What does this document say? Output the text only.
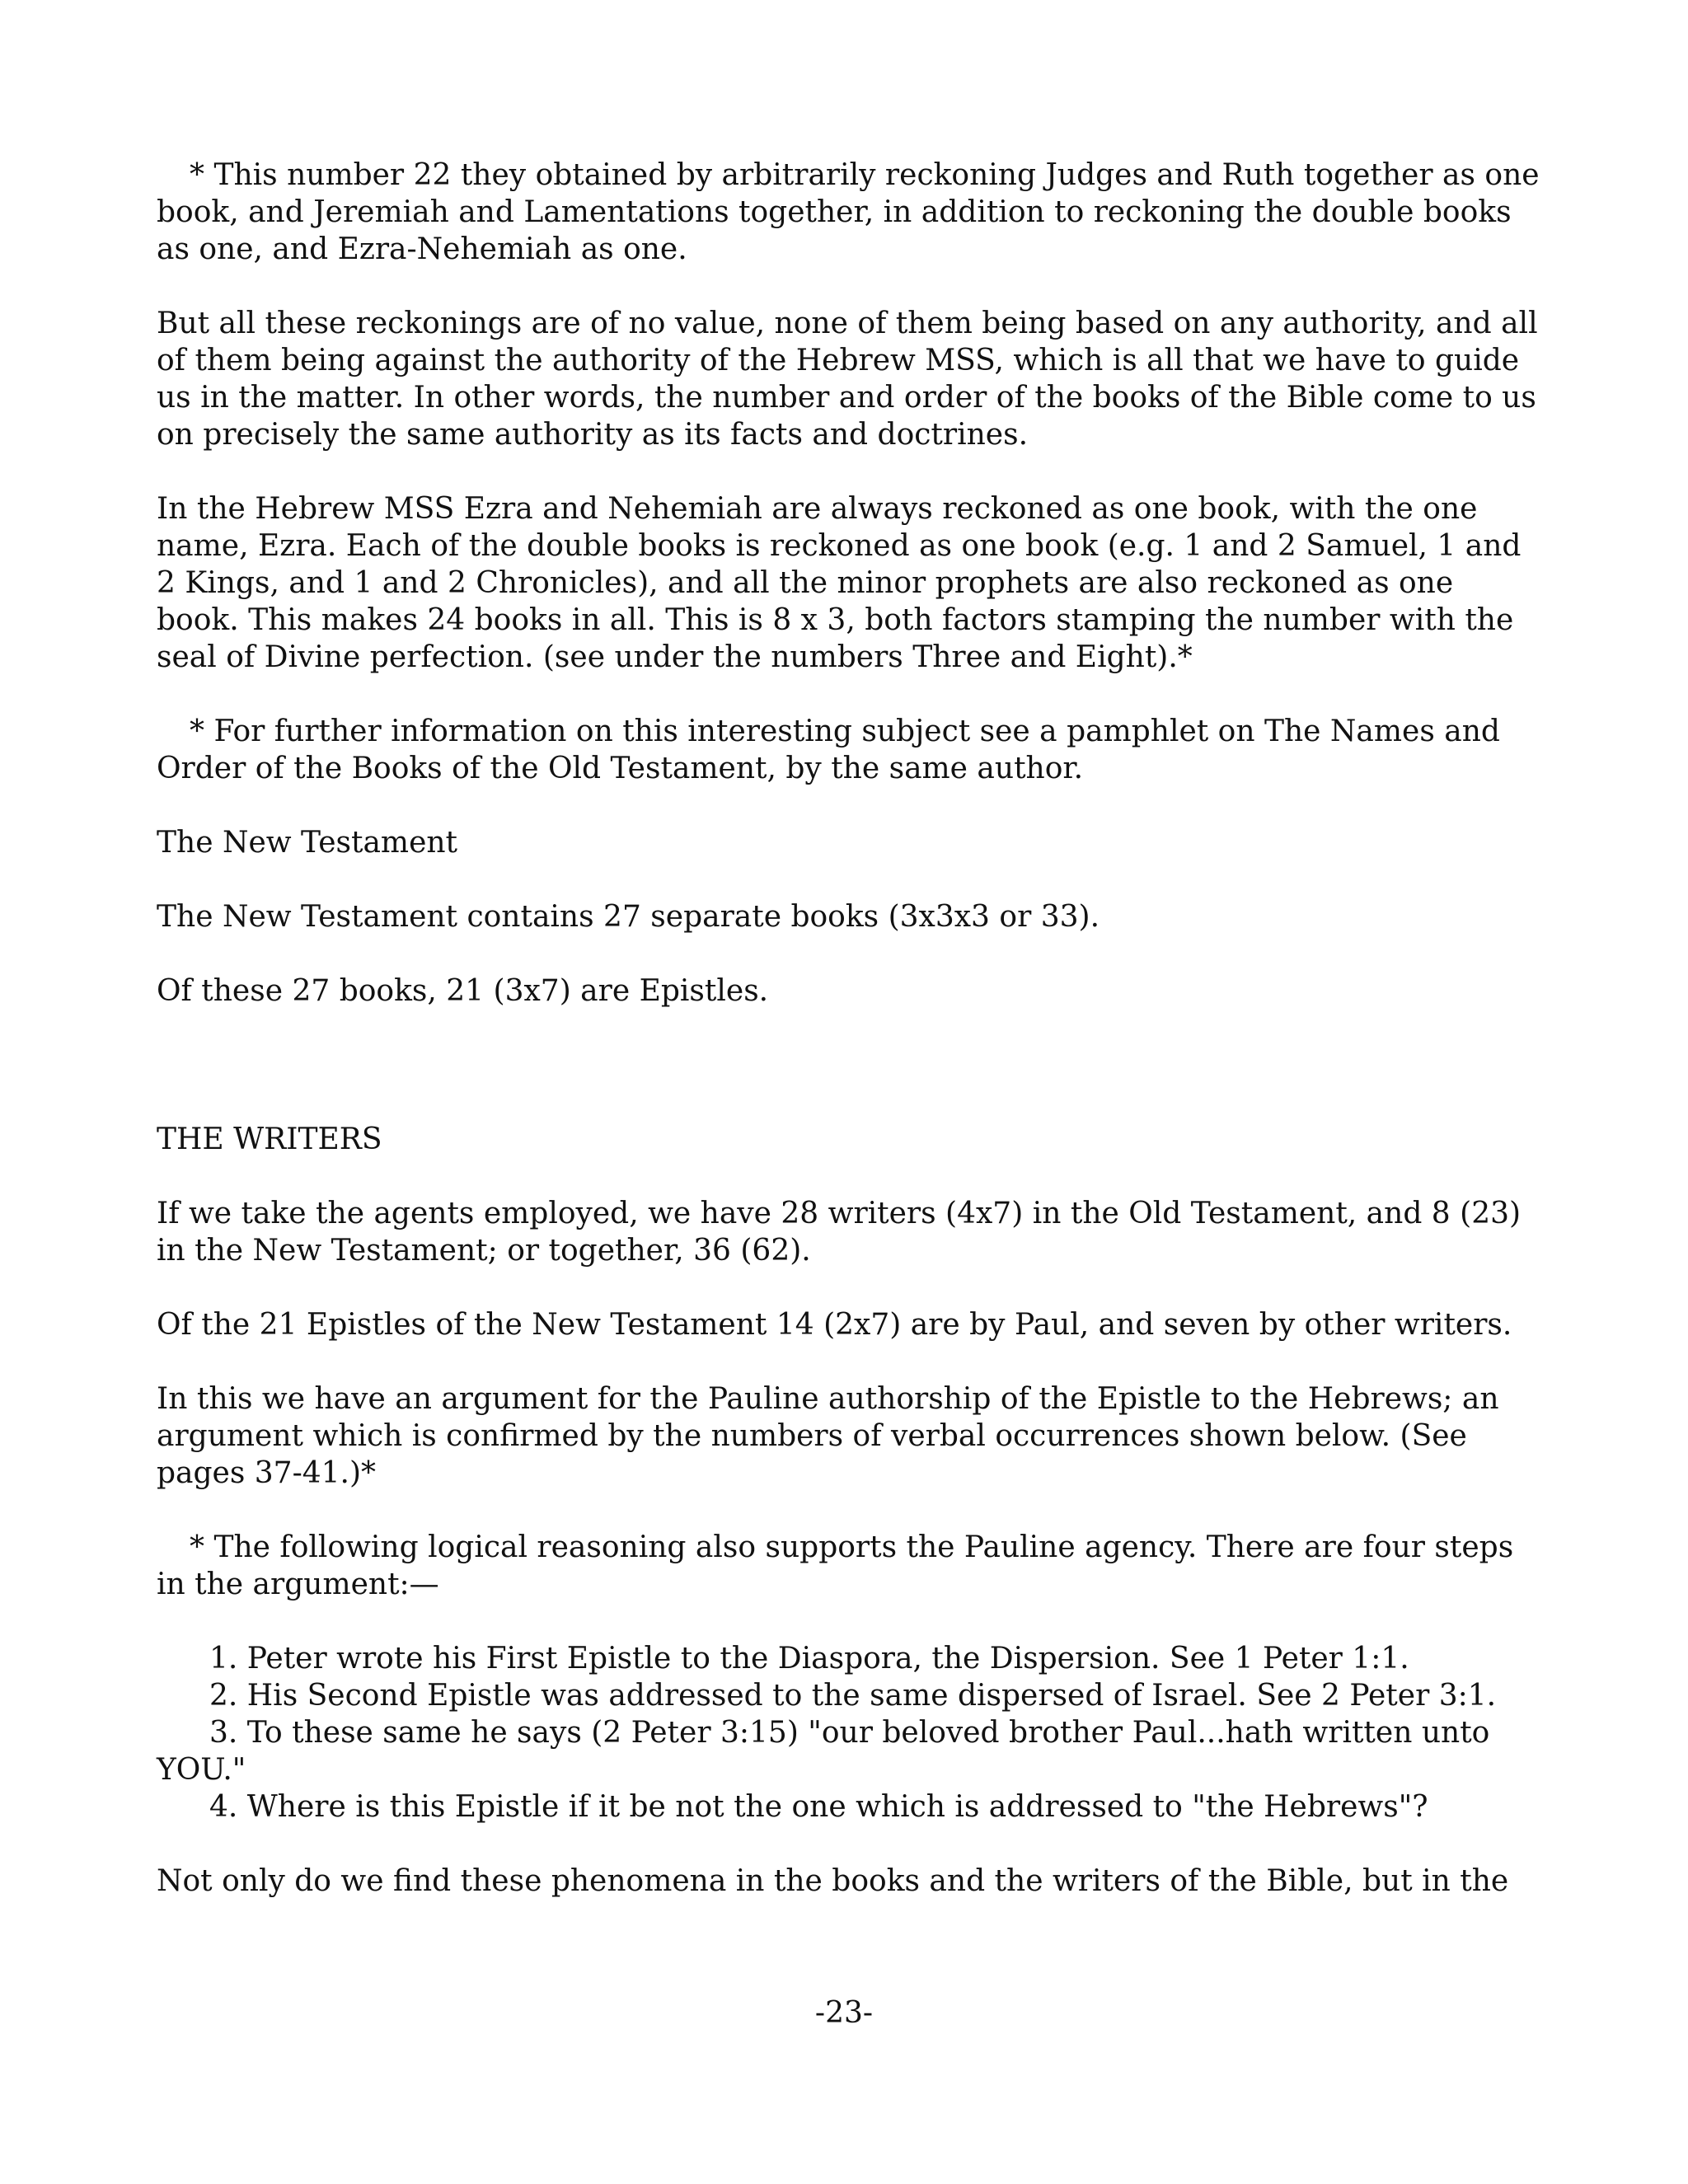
* This number 22 they obtained by arbitrarily reckoning Judges and Ruth together as one book, and Jeremiah and Lamentations together, in addition to reckoning the double books as one, and Ezra-Nehemiah as one.

But all these reckonings are of no value, none of them being based on any authority, and all of them being against the authority of the Hebrew MSS, which is all that we have to guide us in the matter. In other words, the number and order of the books of the Bible come to us on precisely the same authority as its facts and doctrines.

In the Hebrew MSS Ezra and Nehemiah are always reckoned as one book, with the one name, Ezra. Each of the double books is reckoned as one book (e.g. 1 and 2 Samuel, 1 and 2 Kings, and 1 and 2 Chronicles), and all the minor prophets are also reckoned as one book. This makes 24 books in all. This is 8 x 3, both factors stamping the number with the seal of Divine perfection. (see under the numbers Three and Eight).*

* For further information on this interesting subject see a pamphlet on The Names and Order of the Books of the Old Testament, by the same author.

The New Testament

The New Testament contains 27 separate books (3x3x3 or 33).

Of these 27 books, 21 (3x7) are Epistles.

THE WRITERS

If we take the agents employed, we have 28 writers (4x7) in the Old Testament, and 8 (23) in the New Testament; or together, 36 (62).

Of the 21 Epistles of the New Testament 14 (2x7) are by Paul, and seven by other writers.

In this we have an argument for the Pauline authorship of the Epistle to the Hebrews; an argument which is confirmed by the numbers of verbal occurrences shown below. (See pages 37-41.)*

* The following logical reasoning also supports the Pauline agency. There are four steps in the argument:—

1. Peter wrote his First Epistle to the Diaspora, the Dispersion. See 1 Peter 1:1.

2. His Second Epistle was addressed to the same dispersed of Israel. See 2 Peter 3:1.

3. To these same he says (2 Peter 3:15) "our beloved brother Paul...hath written unto YOU."

4. Where is this Epistle if it be not the one which is addressed to "the Hebrews"?

Not only do we find these phenomena in the books and the writers of the Bible, but in the

-23-
